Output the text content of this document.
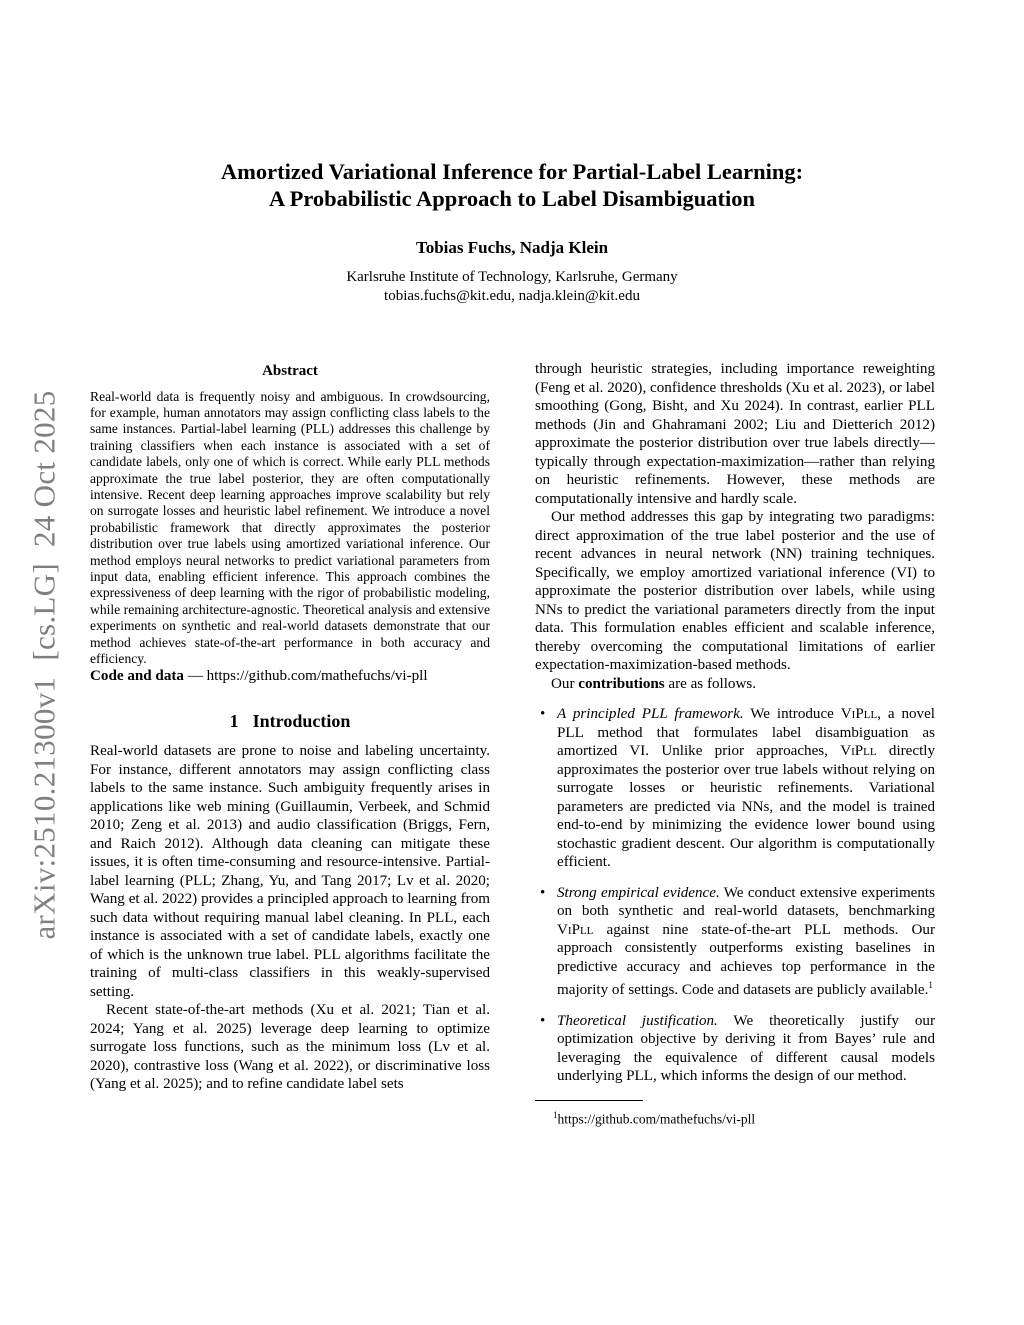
arXiv:2510.21300v1[cs.LG]24 Oct 2025
Amortized Variational Inference for Partial-Label Learning:
A Probabilistic Approach to Label Disambiguation
Tobias Fuchs, Nadja Klein
Karlsruhe Institute of Technology, Karlsruhe, Germany
tobias.fuchs@kit.edu, nadja.klein@kit.edu
Abstract

Real-world data is frequently noisy and ambiguous. In crowdsourcing, for example, human annotators may assign conflicting class labels to the same instances. Partial-label learning (PLL) addresses this challenge by training classifiers when each instance is associated with a set of candidate labels, only one of which is correct. While early PLL methods approximate the true label posterior, they are often computationally intensive. Recent deep learning approaches improve scalability but rely on surrogate losses and heuristic label refinement. We introduce a novel probabilistic framework that directly approximates the posterior distribution over true labels using amortized variational inference. Our method employs neural networks to predict variational parameters from input data, enabling efficient inference. This approach combines the expressiveness of deep learning with the rigor of probabilistic modeling, while remaining architecture-agnostic. Theoretical analysis and extensive experiments on synthetic and real-world datasets demonstrate that our method achieves state-of-the-art performance in both accuracy and efficiency.

Code and data — https://github.com/mathefuchs/vi-pll

1 Introduction

Real-world datasets are prone to noise and labeling uncertainty. For instance, different annotators may assign conflicting class labels to the same instance. Such ambiguity frequently arises in applications like web mining (Guillaumin, Verbeek, and Schmid 2010; Zeng et al. 2013) and audio classification (Briggs, Fern, and Raich 2012). Although data cleaning can mitigate these issues, it is often time-consuming and resource-intensive. Partial-label learning (PLL; Zhang, Yu, and Tang 2017; Lv et al. 2020; Wang et al. 2022) provides a principled approach to learning from such data without requiring manual label cleaning. In PLL, each instance is associated with a set of candidate labels, exactly one of which is the unknown true label. PLL algorithms facilitate the training of multi-class classifiers in this weakly-supervised setting.

Recent state-of-the-art methods (Xu et al. 2021; Tian et al. 2024; Yang et al. 2025) leverage deep learning to optimize surrogate loss functions, such as the minimum loss (Lv et al. 2020), contrastive loss (Wang et al. 2022), or discriminative loss (Yang et al. 2025); and to refine candidate label sets

through heuristic strategies, including importance reweighting (Feng et al. 2020), confidence thresholds (Xu et al. 2023), or label smoothing (Gong, Bisht, and Xu 2024). In contrast, earlier PLL methods (Jin and Ghahramani 2002; Liu and Dietterich 2012) approximate the posterior distribution over true labels directly—typically through expectation-maximization—rather than relying on heuristic refinements. However, these methods are computationally intensive and hardly scale.

Our method addresses this gap by integrating two paradigms: direct approximation of the true label posterior and the use of recent advances in neural network (NN) training techniques. Specifically, we employ amortized variational inference (VI) to approximate the posterior distribution over labels, while using NNs to predict the variational parameters directly from the input data. This formulation enables efficient and scalable inference, thereby overcoming the computational limitations of earlier expectation-maximization-based methods.

Our contributions are as follows.

• A principled PLL framework. We introduce ViPll, a novel PLL method that formulates label disambiguation as amortized VI. Unlike prior approaches, ViPll directly approximates the posterior over true labels without relying on surrogate losses or heuristic refinements. Variational parameters are predicted via NNs, and the model is trained end-to-end by minimizing the evidence lower bound using stochastic gradient descent. Our algorithm is computationally efficient.
• Strong empirical evidence. We conduct extensive experiments on both synthetic and real-world datasets, benchmarking ViPll against nine state-of-the-art PLL methods. Our approach consistently outperforms existing baselines in predictive accuracy and achieves top performance in the majority of settings. Code and datasets are publicly available.$^1$
• Theoretical justification. We theoretically justify our optimization objective by deriving it from Bayes’ rule and leveraging the equivalence of different causal models underlying PLL, which informs the design of our method.
$^1$https://github.com/mathefuchs/vi-pll
